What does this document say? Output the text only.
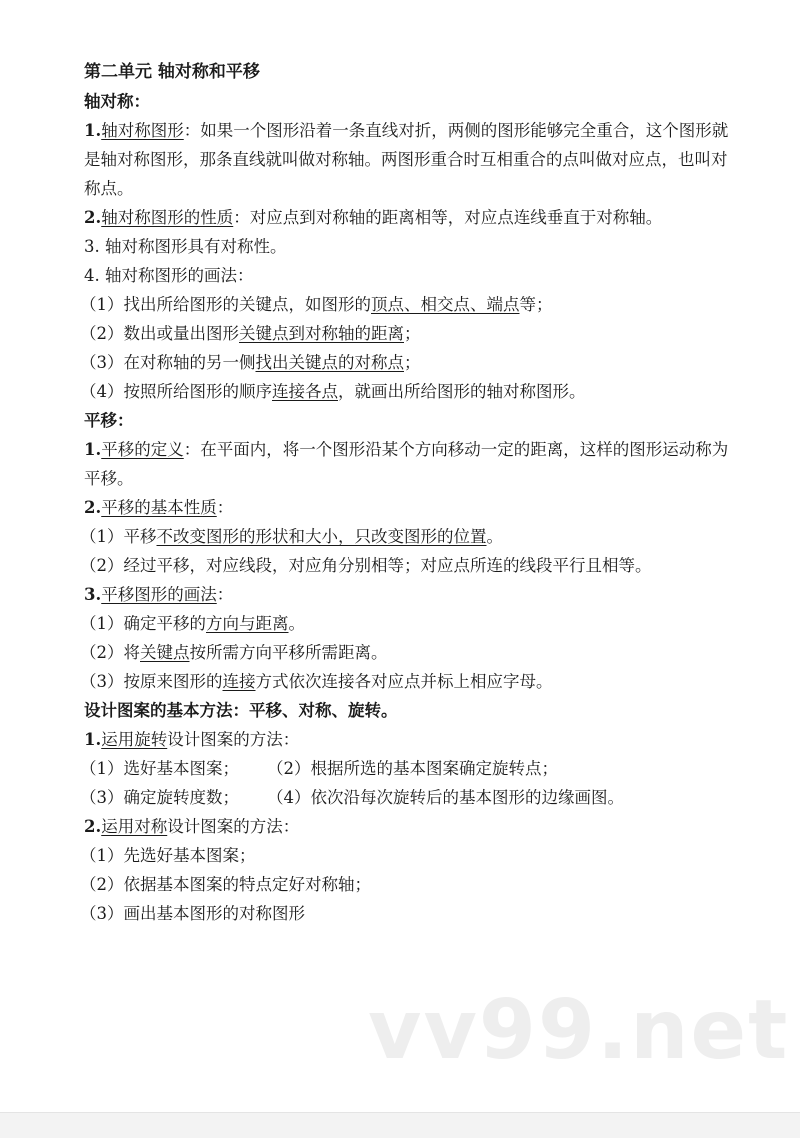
第二单元 轴对称和平移
轴对称：
1.轴对称图形：如果一个图形沿着一条直线对折，两侧的图形能够完全重合，这个图形就是轴对称图形，那条直线就叫做对称轴。两图形重合时互相重合的点叫做对应点，也叫对称点。
2.轴对称图形的性质：对应点到对称轴的距离相等，对应点连线垂直于对称轴。
3. 轴对称图形具有对称性。
4. 轴对称图形的画法：
（1）找出所给图形的关键点，如图形的顶点、相交点、端点等；
（2）数出或量出图形关键点到对称轴的距离；
（3）在对称轴的另一侧找出关键点的对称点；
（4）按照所给图形的顺序连接各点，就画出所给图形的轴对称图形。
平移：
1.平移的定义：在平面内，将一个图形沿某个方向移动一定的距离，这样的图形运动称为平移。
2.平移的基本性质：
（1）平移不改变图形的形状和大小，只改变图形的位置。
（2）经过平移，对应线段，对应角分别相等；对应点所连的线段平行且相等。
3.平移图形的画法：
（1）确定平移的方向与距离。
（2）将关键点按所需方向平移所需距离。
（3）按原来图形的连接方式依次连接各对应点并标上相应字母。
设计图案的基本方法：平移、对称、旋转。
1.运用旋转设计图案的方法：
（1）选好基本图案； （2）根据所选的基本图案确定旋转点；
（3）确定旋转度数； （4）依次沿每次旋转后的基本图形的边缘画图。
2.运用对称设计图案的方法：
（1）先选好基本图案；
（2）依据基本图案的特点定好对称轴；
（3）画出基本图形的对称图形
vv99.net
